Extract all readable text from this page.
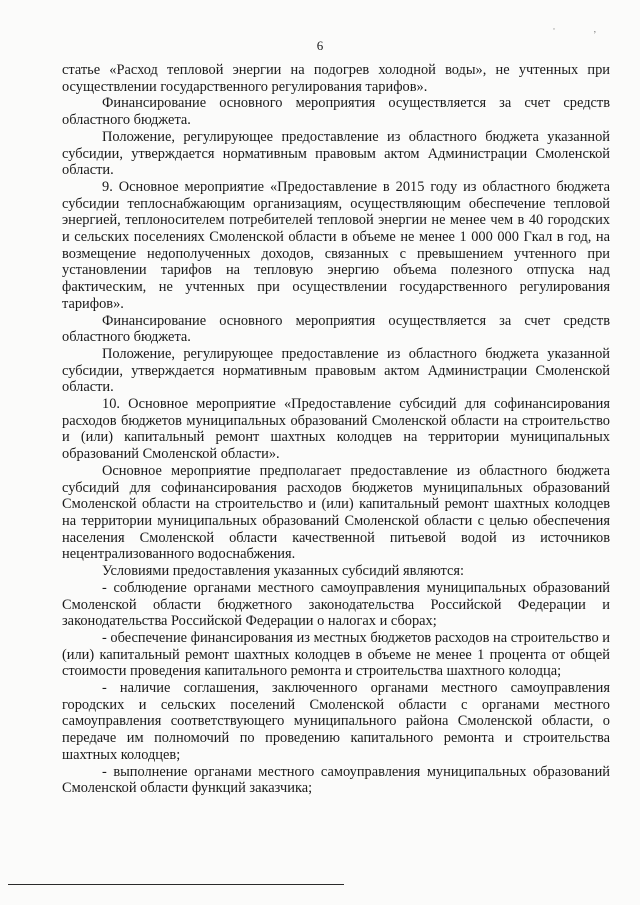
· ,
6

статье «Расход тепловой энергии на подогрев холодной воды», не учтенных при осуществлении государственного регулирования тарифов».

Финансирование основного мероприятия осуществляется за счет средств областного бюджета.

Положение, регулирующее предоставление из областного бюджета указанной субсидии, утверждается нормативным правовым актом Администрации Смоленской области.

9. Основное мероприятие «Предоставление в 2015 году из областного бюджета субсидии теплоснабжающим организациям, осуществляющим обеспечение тепловой энергией, теплоносителем потребителей тепловой энергии не менее чем в 40 городских и сельских поселениях Смоленской области в объеме не менее 1 000 000 Гкал в год, на возмещение недополученных доходов, связанных с превышением учтенного при установлении тарифов на тепловую энергию объема полезного отпуска над фактическим, не учтенных при осуществлении государственного регулирования тарифов».

Финансирование основного мероприятия осуществляется за счет средств областного бюджета.

Положение, регулирующее предоставление из областного бюджета указанной субсидии, утверждается нормативным правовым актом Администрации Смоленской области.

10. Основное мероприятие «Предоставление субсидий для софинансирования расходов бюджетов муниципальных образований Смоленской области на строительство и (или) капитальный ремонт шахтных колодцев на территории муниципальных образований Смоленской области».

Основное мероприятие предполагает предоставление из областного бюджета субсидий для софинансирования расходов бюджетов муниципальных образований Смоленской области на строительство и (или) капитальный ремонт шахтных колодцев на территории муниципальных образований Смоленской области с целью обеспечения населения Смоленской области качественной питьевой водой из источников нецентрализованного водоснабжения.

Условиями предоставления указанных субсидий являются:

- соблюдение органами местного самоуправления муниципальных образований Смоленской области бюджетного законодательства Российской Федерации и законодательства Российской Федерации о налогах и сборах;

- обеспечение финансирования из местных бюджетов расходов на строительство и (или) капитальный ремонт шахтных колодцев в объеме не менее 1 процента от общей стоимости проведения капитального ремонта и строительства шахтного колодца;

- наличие соглашения, заключенного органами местного самоуправления городских и сельских поселений Смоленской области с органами местного самоуправления соответствующего муниципального района Смоленской области, о передаче им полномочий по проведению капитального ремонта и строительства шахтных колодцев;

- выполнение органами местного самоуправления муниципальных образований Смоленской области функций заказчика;
